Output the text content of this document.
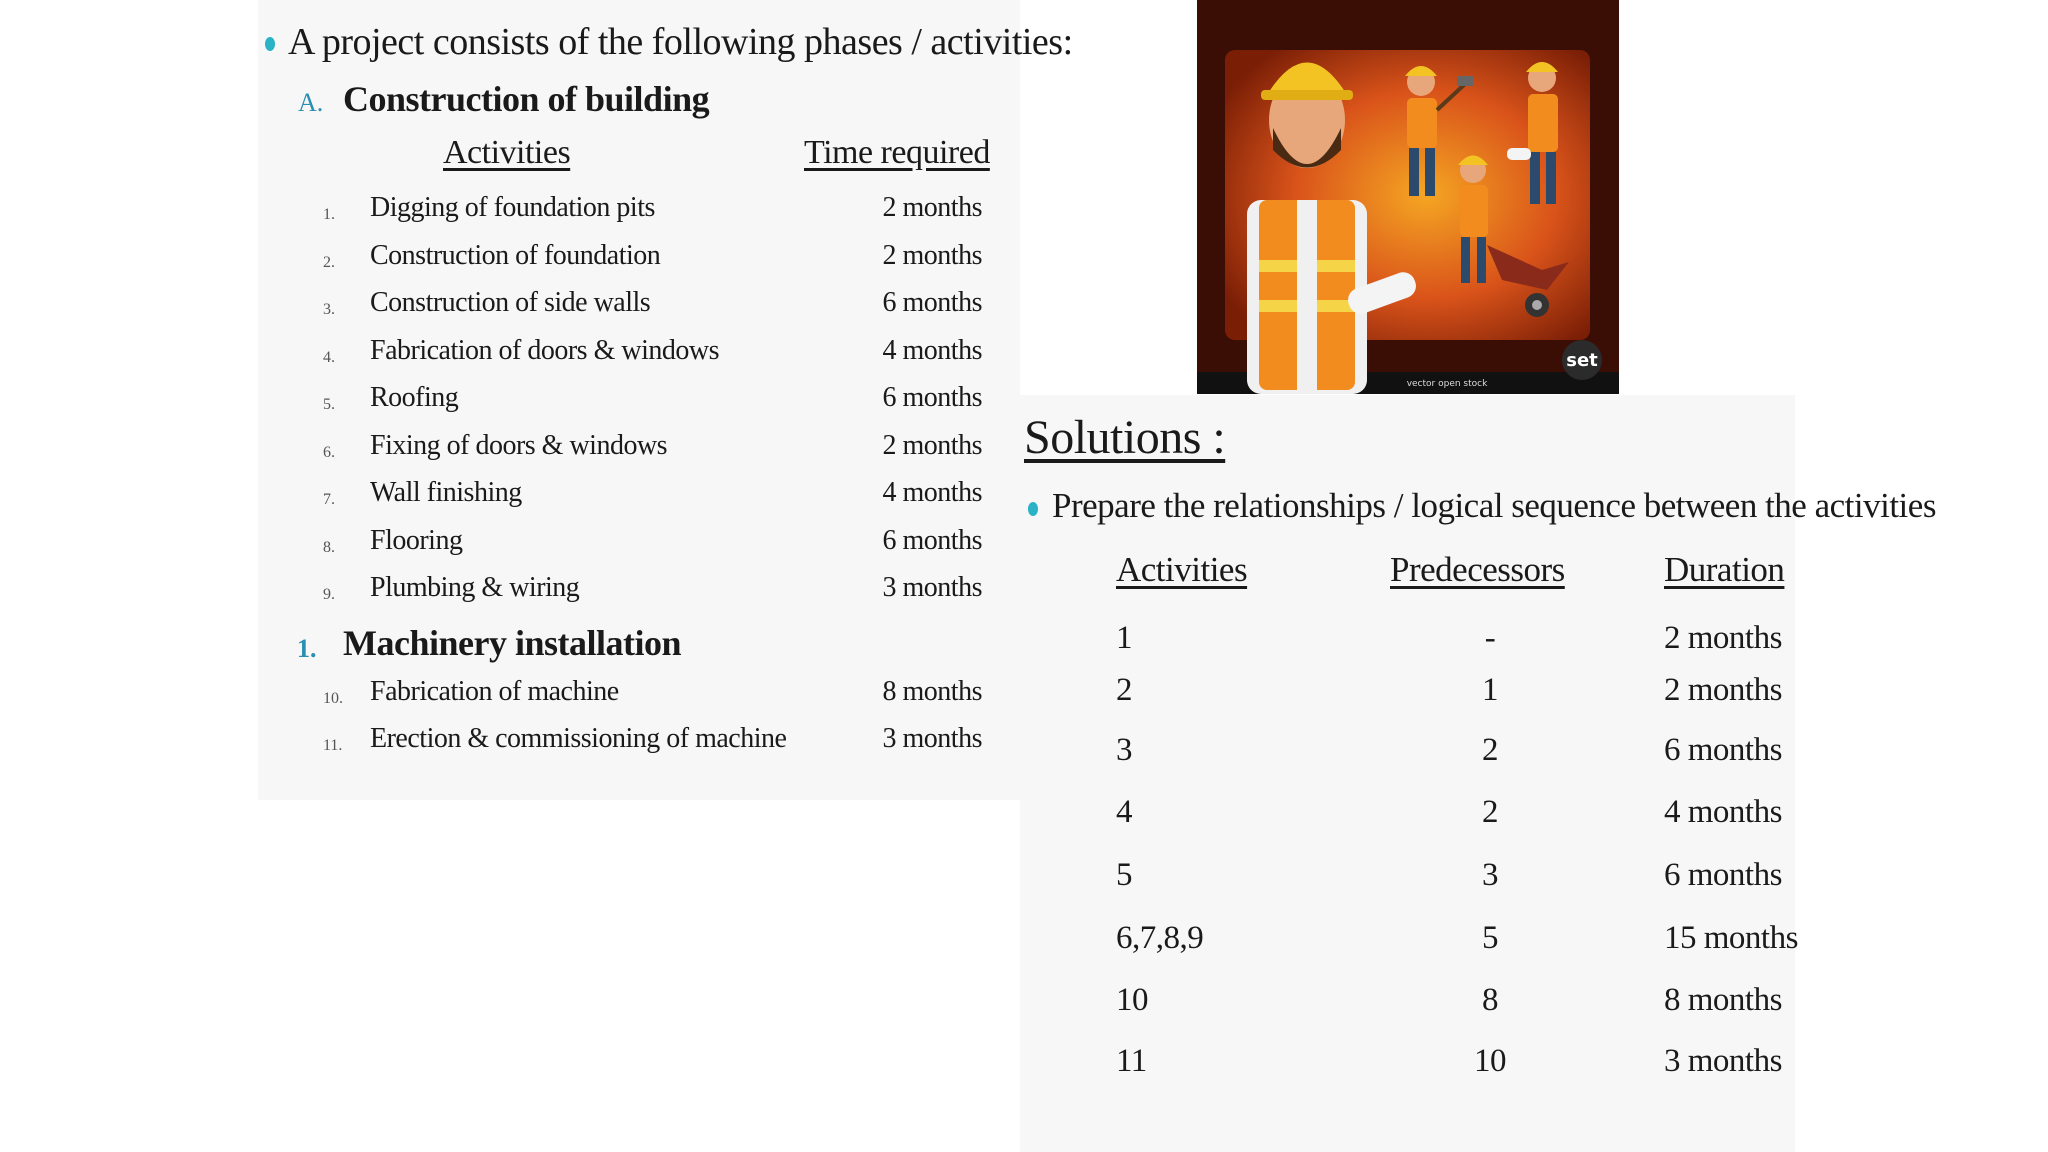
A project consists of the following phases / activities:
A. Construction of building
Activities	Time required
1.	Digging of foundation pits	2 months
2.	Construction of foundation	2 months
3.	Construction of side walls	6 months
4.	Fabrication of doors & windows	4 months
5.	Roofing	6 months
6.	Fixing of doors & windows	2 months
7.	Wall finishing	4 months
8.	Flooring	6 months
9.	Plumbing & wiring	3 months
1. Machinery installation
10. Fabrication of machine	8 months
11. Erection & commissioning of machine	3 months
set
vector open stock
Solutions :
Prepare the relationships / logical sequence between the activities
Activities	Predecessors	Duration
1	-	2 months
2	1	2 months
3	2	6 months
4	2	4 months
5	3	6 months
6,7,8,9	5	15 months
10	8	8 months
11	10	3 months
